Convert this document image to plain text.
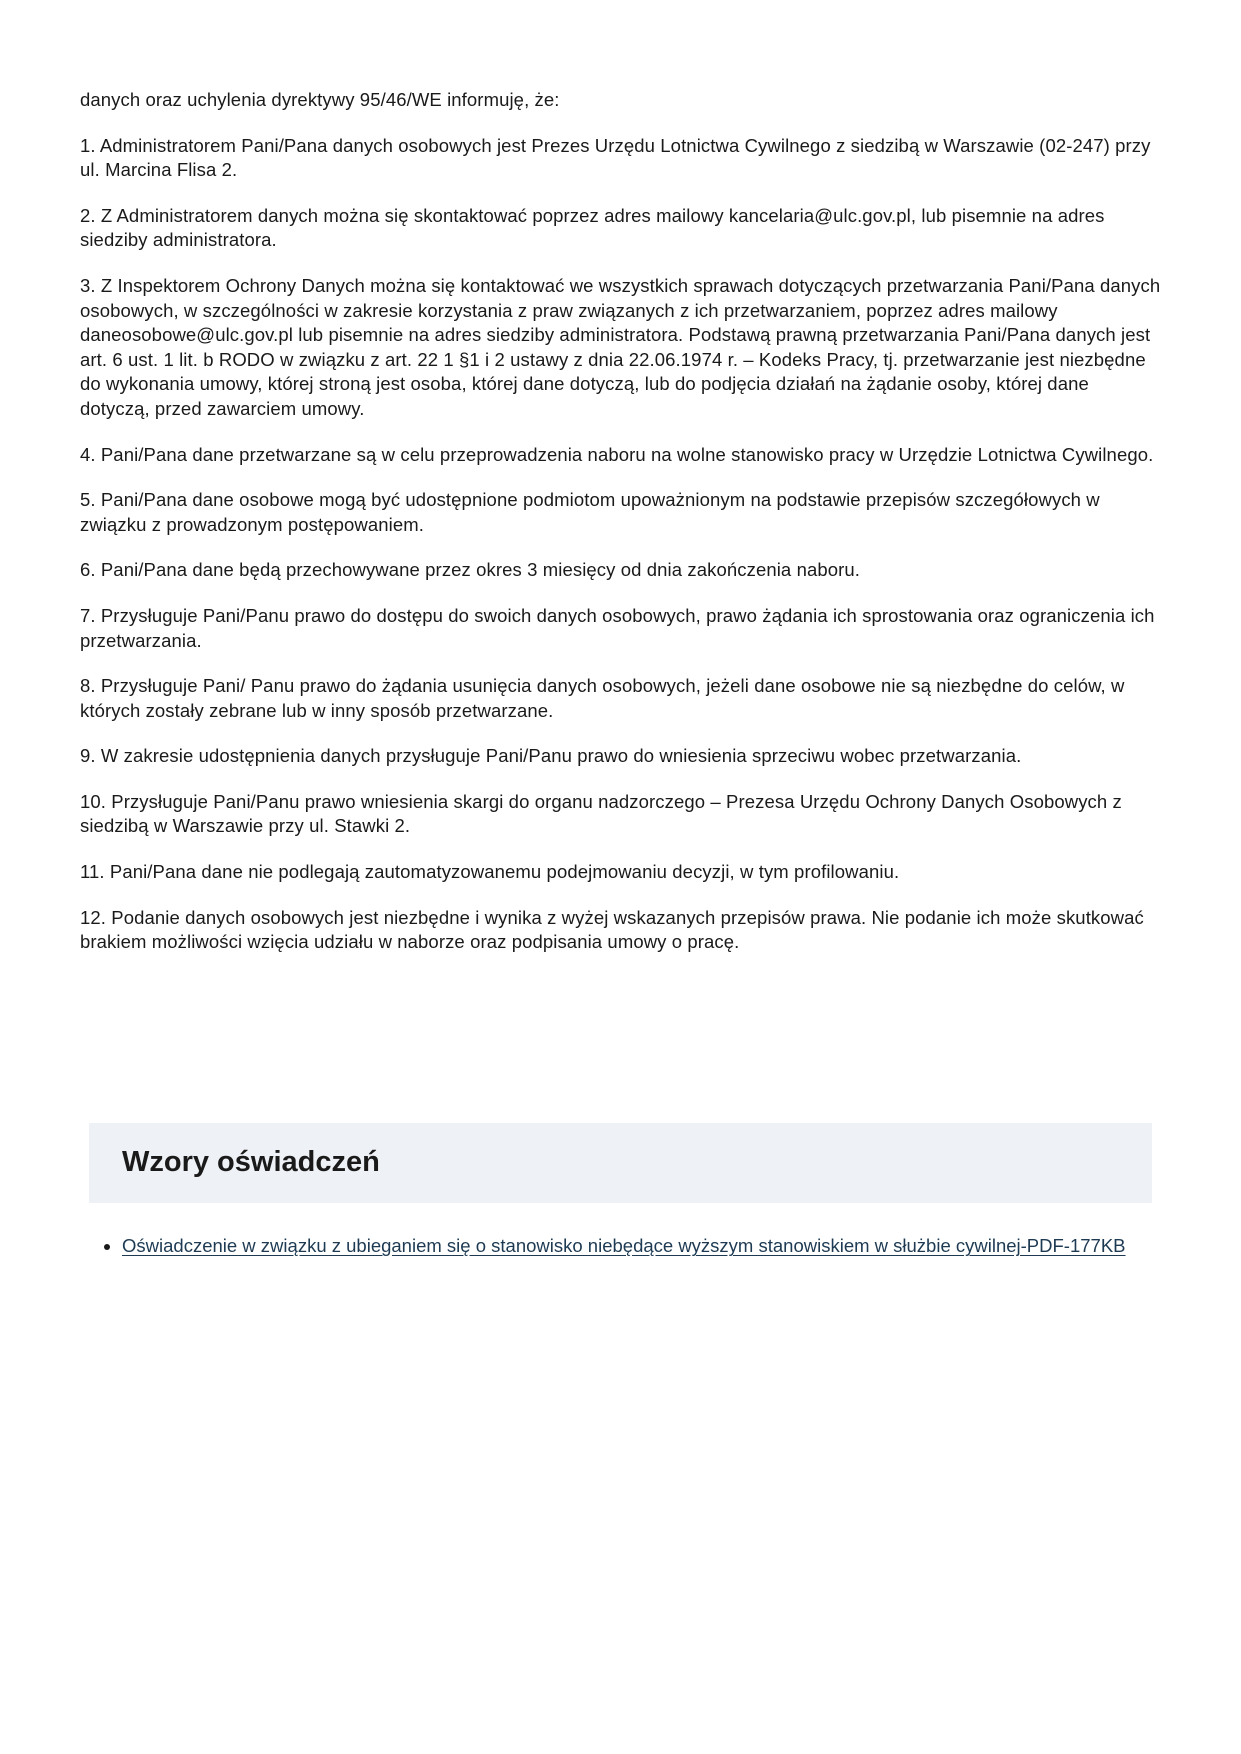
danych oraz uchylenia dyrektywy 95/46/WE informuję, że:

1. Administratorem Pani/Pana danych osobowych jest Prezes Urzędu Lotnictwa Cywilnego z siedzibą w Warszawie (02-247) przy ul. Marcina Flisa 2.

2. Z Administratorem danych można się skontaktować poprzez adres mailowy kancelaria@ulc.gov.pl, lub pisemnie na adres siedziby administratora.

3. Z Inspektorem Ochrony Danych można się kontaktować we wszystkich sprawach dotyczących przetwarzania Pani/Pana danych osobowych, w szczególności w zakresie korzystania z praw związanych z ich przetwarzaniem, poprzez adres mailowy daneosobowe@ulc.gov.pl lub pisemnie na adres siedziby administratora. Podstawą prawną przetwarzania Pani/Pana danych jest art. 6 ust. 1 lit. b RODO w związku z art. 22 1 §1 i 2 ustawy z dnia 22.06.1974 r. – Kodeks Pracy, tj. przetwarzanie jest niezbędne do wykonania umowy, której stroną jest osoba, której dane dotyczą, lub do podjęcia działań na żądanie osoby, której dane dotyczą, przed zawarciem umowy.

4. Pani/Pana dane przetwarzane są w celu przeprowadzenia naboru na wolne stanowisko pracy w Urzędzie Lotnictwa Cywilnego.

5. Pani/Pana dane osobowe mogą być udostępnione podmiotom upoważnionym na podstawie przepisów szczegółowych w związku z prowadzonym postępowaniem.

6. Pani/Pana dane będą przechowywane przez okres 3 miesięcy od dnia zakończenia naboru.

7. Przysługuje Pani/Panu prawo do dostępu do swoich danych osobowych, prawo żądania ich sprostowania oraz ograniczenia ich przetwarzania.

8. Przysługuje Pani/ Panu prawo do żądania usunięcia danych osobowych, jeżeli dane osobowe nie są niezbędne do celów, w których zostały zebrane lub w inny sposób przetwarzane.

9. W zakresie udostępnienia danych przysługuje Pani/Panu prawo do wniesienia sprzeciwu wobec przetwarzania.

10. Przysługuje Pani/Panu prawo wniesienia skargi do organu nadzorczego – Prezesa Urzędu Ochrony Danych Osobowych z siedzibą w Warszawie przy ul. Stawki 2.

11. Pani/Pana dane nie podlegają zautomatyzowanemu podejmowaniu decyzji, w tym profilowaniu.

12. Podanie danych osobowych jest niezbędne i wynika z wyżej wskazanych przepisów prawa. Nie podanie ich może skutkować brakiem możliwości wzięcia udziału w naborze oraz podpisania umowy o pracę.

Wzory oświadczeń
• Oświadczenie w związku z ubieganiem się o stanowisko niebędące wyższym stanowiskiem w służbie cywilnej-PDF-177KB
